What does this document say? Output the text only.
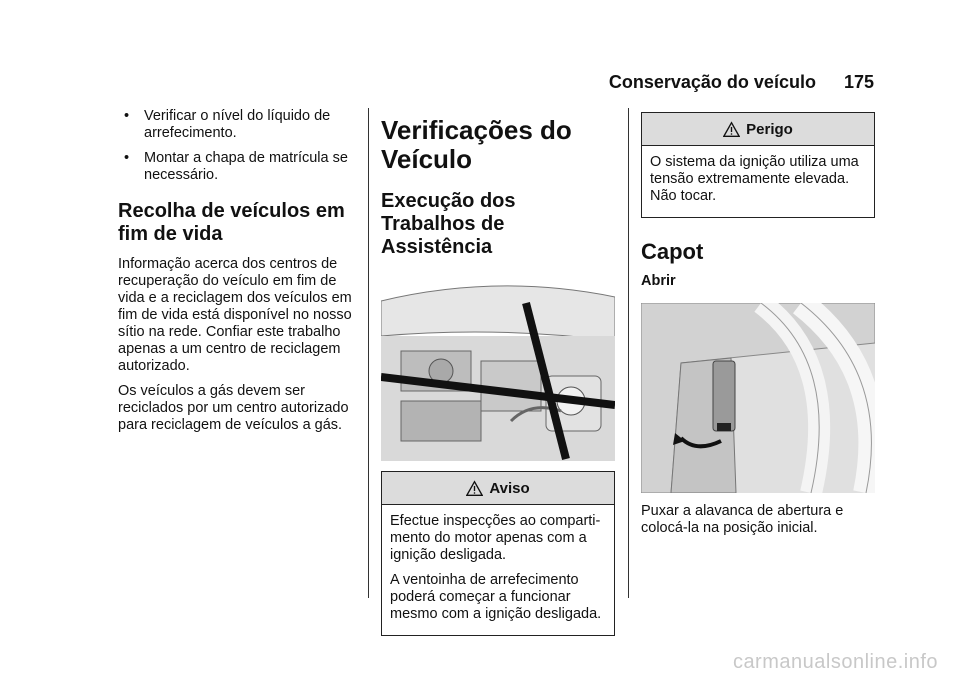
Conservação do veículo 175
• Verificar o nível do líquido de arrefecimento.
• Montar a chapa de matrícula se necessário.
Recolha de veículos em fim de vida

Informação acerca dos centros de recuperação do veículo em fim de vida e a reciclagem dos veículos em fim de vida está disponível no nosso sítio na rede. Confiar este trabalho apenas a um centro de reciclagem autorizado.

Os veículos a gás devem ser reciclados por um centro autorizado para reciclagem de veículos a gás.

Verificações do Veículo
Execução dos Trabalhos de Assistência
Aviso

Efectue inspecções ao comparti-mento do motor apenas com a ignição desligada.

A ventoinha de arrefecimento poderá começar a funcionar mesmo com a ignição desligada.

Perigo

O sistema da ignição utiliza uma tensão extremamente elevada. Não tocar.

Capot
Abrir

Puxar a alavanca de abertura e colocá-la na posição inicial.

carmanualsonline.info
